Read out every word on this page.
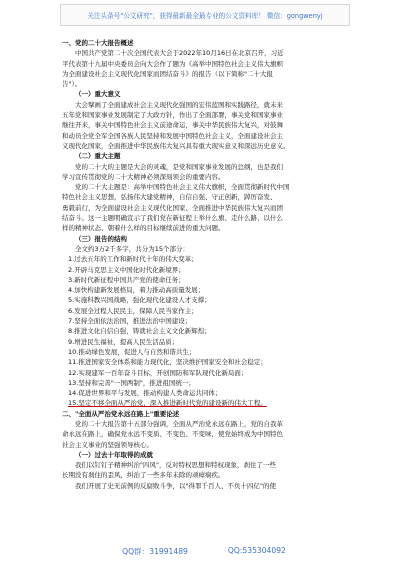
关注头条号"公文研究"，获得最新最全最专业的公文资料库！ 微信：gongwenyj
一、党的二十大报告概述
中国共产党第二十次全国代表大会于2022年10月16日在北京召开，习近
平代表第十九届中央委员会向大会作了题为《高举中国特色社会主义伟大旗帜
为全面建设社会主义现代化国家而团结奋斗》的报告（以下简称"二十大报
告"）。
（一）重大意义
大会擘画了全面建成社会主义现代化强国的宏伟蓝图和实践路径，就未来
五年党和国家事业发展制定了大政方针，作出了全面部署，事关党和国家事业
继往开来，事关中国特色社会主义前途命运，事关中华民族伟大复兴，对鼓舞
和动员全党全军全国各族人民坚持和发展中国特色社会主义，全面建设社会主
义现代化国家，全面推进中华民族伟大复兴具有重大现实意义和深远历史意义。
（二）重大主题
党的二十大的主题是大会的灵魂，是党和国家事业发展的总纲，也是我们
学习宣传贯彻党的二十大精神必须深刻领会的重要内容。
党的二十大主题是：高举中国特色社会主义伟大旗帜，全面贯彻新时代中国
特色社会主义思想，弘扬伟大建党精神，自信自强、守正创新，踔厉奋发、
勇毅前行，为全面建设社会主义现代化国家、全面推进中华民族伟大复兴而团
结奋斗。这一主题明确宣示了我们党在新征程上举什么旗、走什么路、以什么
样的精神状态、朝着什么样的目标继续前进的重大问题。
（三）报告的结构
全文约3万2千多字，共分为15个部分：
1.过去五年的工作和新时代十年的伟大变革；
2.开辟马克思主义中国化时代化新境界；
3.新时代新征程中国共产党的使命任务；
4.加快构建新发展格局，着力推动高质量发展；
5.实施科教兴国战略，强化现代化建设人才支撑；
6.发展全过程人民民主，保障人民当家作主；
7.坚持全面依法治国，推进法治中国建设；
8.推进文化自信自强，铸就社会主义文化新辉煌；
9.增进民生福祉，提高人民生活品质；
10.推动绿色发展，促进人与自然和谐共生；
11.推进国家安全体系和能力现代化，坚决维护国家安全和社会稳定；
12.实现建军一百年奋斗目标，开创国防和军队现代化新局面；
13.坚持和完善"一国两制"，推进祖国统一；
14.促进世界和平与发展，推动构建人类命运共同体；
15.坚定不移全面从严治党，深入推进新时代党的建设新的伟大工程。
二、"全面从严治党永远在路上"重要论述
党的二十大报告第十五部分强调，全面从严治党永远在路上，党的自我革
命永远在路上，确保党永远不变质、不变色、不变味，使党始终成为中国特色
社会主义事业的坚强领导核心。
（一）过去十年取得的成就
我们以钉钉子精神纠治"四风"，反对特权思想和特权现象，刹住了一些
长期没有刹住的歪风，纠治了一些多年未除的顽瘴痼疾。
我们开展了史无前例的反腐败斗争，以"得罪千百人、不负十四亿"的使
QQ群：31991489	QQ:535304092
